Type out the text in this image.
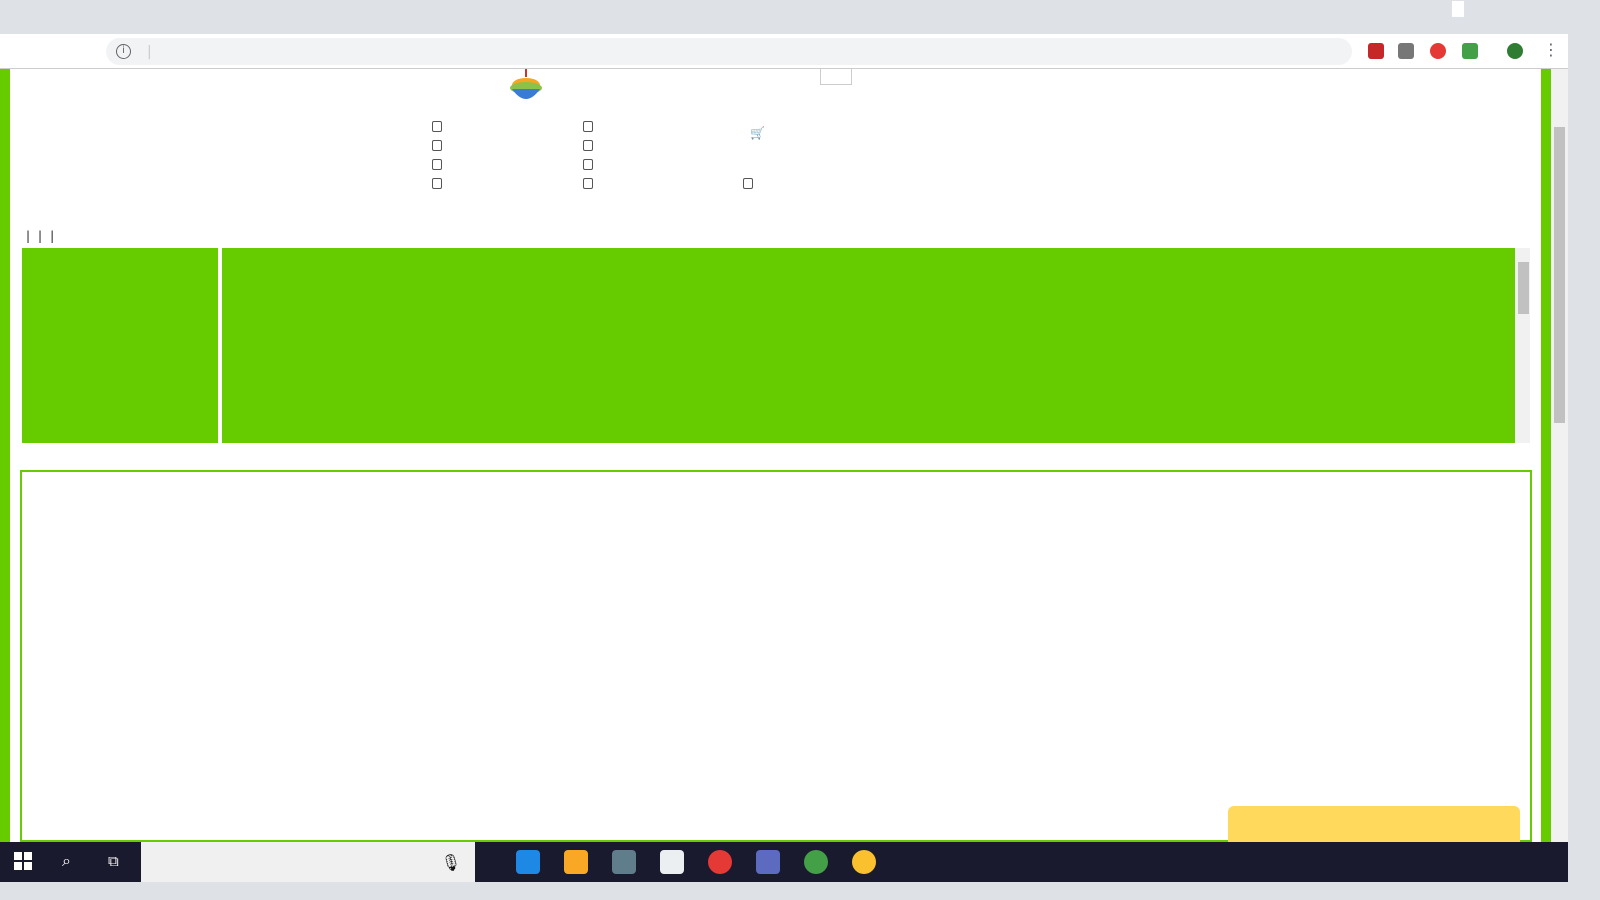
i	|	⋮
🛒

| | |
⌕ ⧉	🎙
